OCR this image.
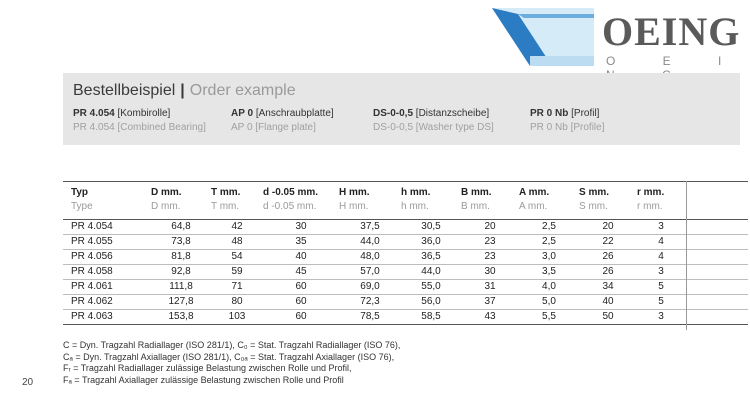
OEING
O E I
Bestellbeispiel | Order example
PR 4.054 [Kombirolle]
PR 4.054 [Combined Bearing]
AP 0 [Anschraubplatte]
AP 0 [Flange plate]
DS-0-0,5 [Distanzscheibe]
DS-0-0,5 [Washer type DS]
PR 0 Nb [Profil]
PR 0 Nb [Profile]
Typ	D mm.	T mm.	d -0.05 mm.	H mm.	h mm.	B mm.	A mm.	S mm.	r mm.	
Type	D mm.	T mm.	d -0.05 mm.	H mm.	h mm.	B mm.	A mm.	S mm.	r mm.	
PR 4.054	64,8	42	30	37,5	30,5	20	2,5	20	3	
PR 4.055	73,8	48	35	44,0	36,0	23	2,5	22	4	
PR 4.056	81,8	54	40	48,0	36,5	23	3,0	26	4	
PR 4.058	92,8	59	45	57,0	44,0	30	3,5	26	3	
PR 4.061	111,8	71	60	69,0	55,0	31	4,0	34	5	
PR 4.062	127,8	80	60	72,3	56,0	37	5,0	40	5	
PR 4.063	153,8	103	60	78,5	58,5	43	5,5	50	3	
C = Dyn. Tragzahl Radiallager (ISO 281/1), C₀ = Stat. Tragzahl Radiallager (ISO 76),
Cₐ = Dyn. Tragzahl Axiallager (ISO 281/1), C₀ₐ = Stat. Tragzahl Axiallager (ISO 76),
Fᵣ = Tragzahl Radiallager zulässige Belastung zwischen Rolle und Profil,
Fₐ = Tragzahl Axiallager zulässige Belastung zwischen Rolle und Profil
20
